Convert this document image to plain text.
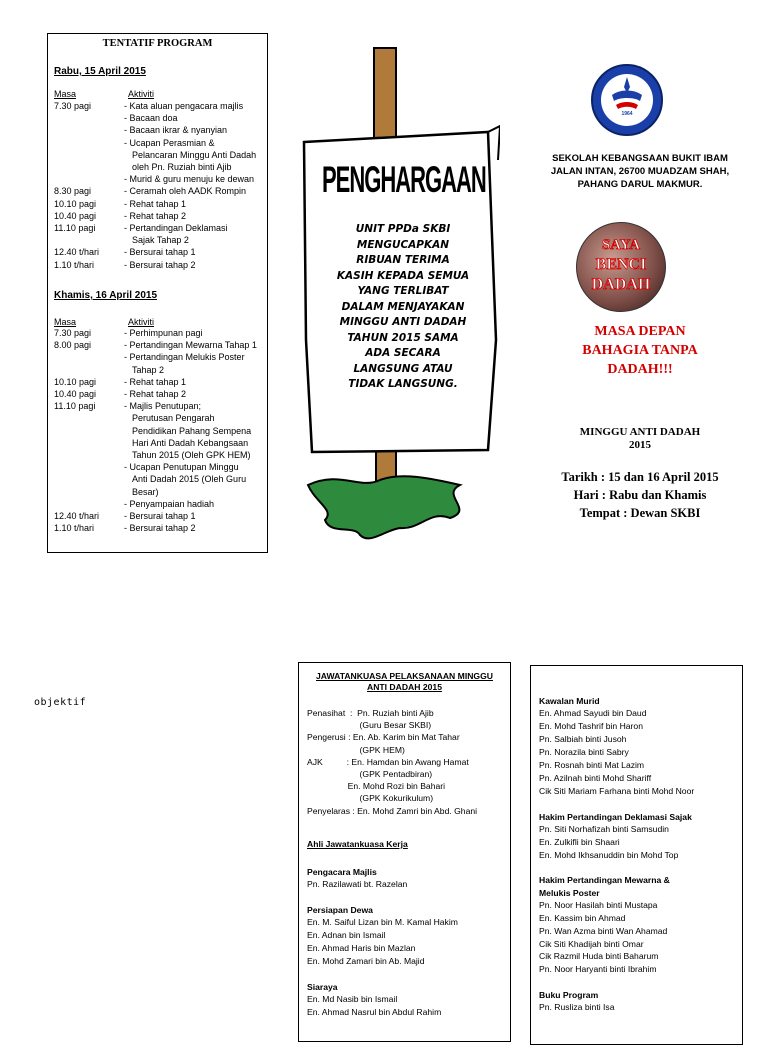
TENTATIF PROGRAM
Rabu, 15 April 2015
Masa	Aktiviti
7.30 pagi	- Kata aluan pengacara majlis
- Bacaan doa
- Bacaan ikrar & nyanyian
- Ucapan Perasmian &
Pelancaran Minggu Anti Dadah
oleh Pn. Ruziah binti Ajib
- Murid & guru menuju ke dewan
8.30 pagi	- Ceramah oleh AADK Rompin
10.10 pagi	- Rehat tahap 1
10.40 pagi	- Rehat tahap 2
11.10 pagi	- Pertandingan Deklamasi
Sajak Tahap 2
12.40 t/hari	- Bersurai tahap 1
1.10 t/hari	- Bersurai tahap 2
Khamis, 16 April 2015
Masa	Aktiviti
7.30 pagi	- Perhimpunan pagi
8.00 pagi	- Pertandingan Mewarna Tahap 1
- Pertandingan Melukis Poster
Tahap 2
10.10 pagi	- Rehat tahap 1
10.40 pagi	- Rehat tahap 2
11.10 pagi	- Majlis Penutupan;
Perutusan Pengarah
Pendidikan Pahang Sempena
Hari Anti Dadah Kebangsaan
Tahun 2015 (Oleh GPK HEM)
- Ucapan Penutupan Minggu
Anti Dadah 2015 (Oleh Guru
Besar)
- Penyampaian hadiah
12.40 t/hari	- Bersurai tahap 1
1.10 t/hari	- Bersurai tahap 2
PENGHARGAAN
UNIT PPDa SKBI
MENGUCAPKAN
RIBUAN TERIMA
KASIH KEPADA SEMUA
YANG TERLIBAT
DALAM MENJAYAKAN
MINGGU ANTI DADAH
TAHUN 2015 SAMA
ADA SECARA
LANGSUNG ATAU
TIDAK LANGSUNG.
1964
SEKOLAH KEBANGSAAN BUKIT IBAM
JALAN INTAN, 26700 MUADZAM SHAH,
PAHANG DARUL MAKMUR.
SAYA
BENCI
DADAH
MASA DEPAN
BAHAGIA TANPA
DADAH!!!
MINGGU ANTI DADAH
2015
Tarikh : 15 dan 16 April 2015
Hari : Rabu dan Khamis
Tempat : Dewan SKBI
objektif
JAWATANKUASA PELAKSANAAN MINGGU
ANTI DADAH 2015
Penasihat  :  Pn. Ruziah binti Ajib
(Guru Besar SKBI)
Pengerusi : En. Ab. Karim bin Mat Tahar
(GPK HEM)
AJK          : En. Hamdan bin Awang Hamat
(GPK Pentadbiran)
En. Mohd Rozi bin Bahari
(GPK Kokurikulum)
Penyelaras : En. Mohd Zamri bin Abd. Ghani
Ahli Jawatankuasa Kerja
Pengacara Majlis
Pn. Razilawati bt. Razelan
Persiapan Dewa
En. M. Saiful Lizan bin M. Kamal Hakim
En. Adnan bin Ismail
En. Ahmad Haris bin Mazlan
En. Mohd Zamari bin Ab. Majid
Siaraya
En. Md Nasib bin Ismail
En. Ahmad Nasrul bin Abdul Rahim
Kawalan Murid
En. Ahmad Sayudi bin Daud
En. Mohd Tashrif bin Haron
Pn. Salbiah binti Jusoh
Pn. Norazila binti Sabry
Pn. Rosnah binti Mat Lazim
Pn. Azilnah binti Mohd Shariff
Cik Siti Mariam Farhana binti Mohd Noor
Hakim Pertandingan Deklamasi Sajak
Pn. Siti Norhafizah binti Samsudin
En. Zulkifli bin Shaari
En. Mohd Ikhsanuddin bin Mohd Top
Hakim Pertandingan Mewarna &
Melukis Poster
Pn. Noor Hasilah binti Mustapa
En. Kassim bin Ahmad
Pn. Wan Azma binti Wan Ahamad
Cik Siti Khadijah binti Omar
Cik Razmil Huda binti Baharum
Pn. Noor Haryanti binti Ibrahim
Buku Program
Pn. Rusliza binti Isa
